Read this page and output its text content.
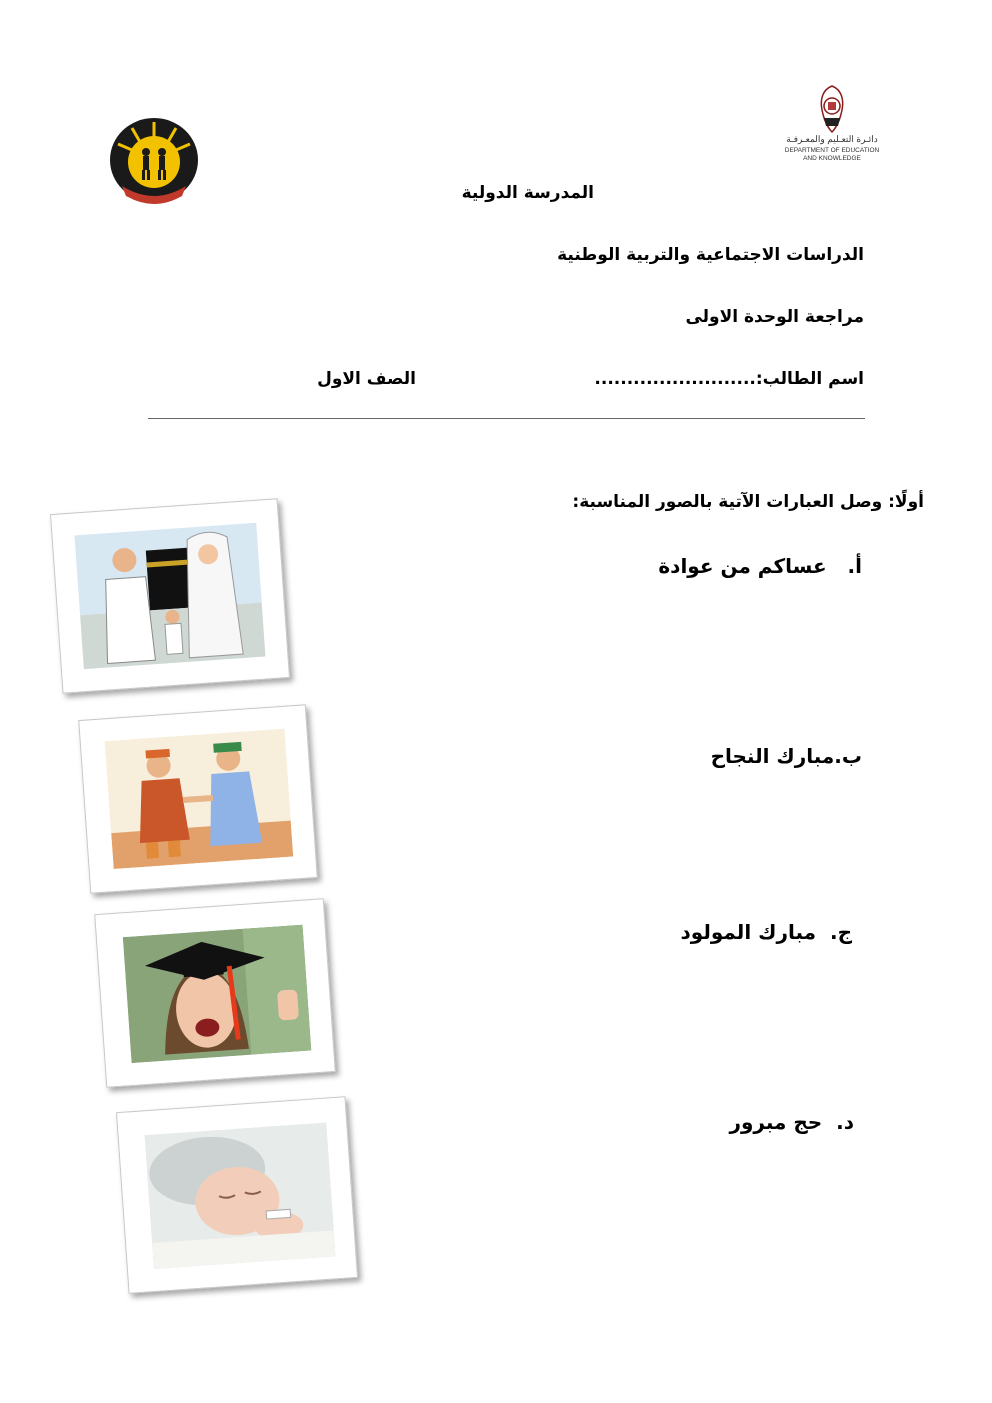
دائـرة التعـليم والمعـرفـة
DEPARTMENT OF EDUCATION
AND KNOWLEDGE
المدرسة الدولية
الدراسات الاجتماعية والتربية الوطنية
مراجعة الوحدة الاولى
اسم الطالب:.........................
الصف الاول
أولًا: وصل العبارات الآتية بالصور المناسبة:
أ.   عساكم من عوادة
ب.مبارك النجاح
ج.  مبارك المولود
د.  حج مبرور
